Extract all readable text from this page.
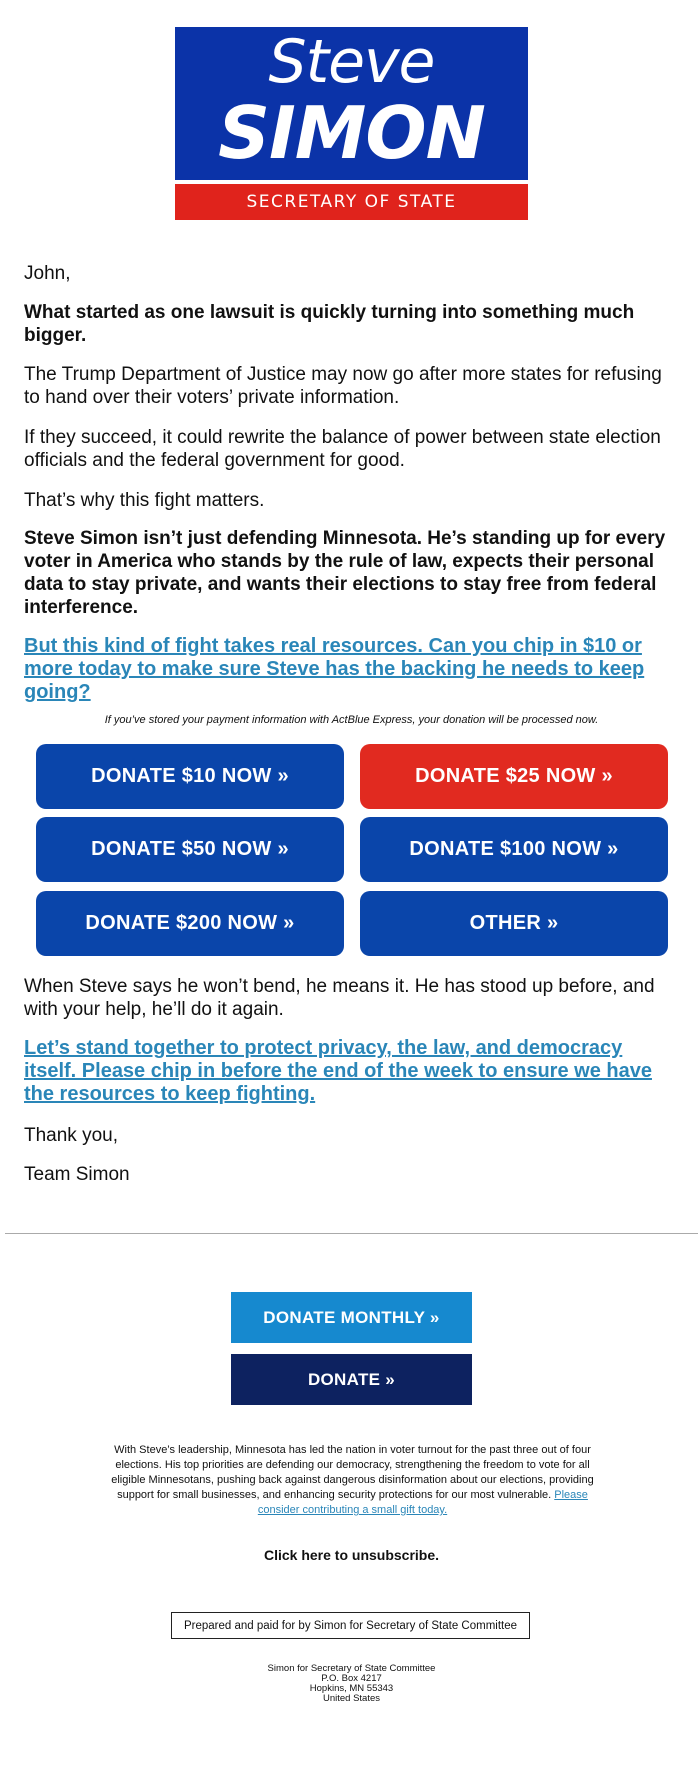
Steve
SIMON
SECRETARY OF STATE

John,

What started as one lawsuit is quickly turning into something much bigger.

The Trump Department of Justice may now go after more states for refusing to hand over their voters’ private information.

If they succeed, it could rewrite the balance of power between state election officials and the federal government for good.

That’s why this fight matters.

Steve Simon isn’t just defending Minnesota. He’s standing up for every voter in America who stands by the rule of law, expects their personal data to stay private, and wants their elections to stay free from federal interference.

But this kind of fight takes real resources. Can you chip in $10 or more today to make sure Steve has the backing he needs to keep going?

If you’ve stored your payment information with ActBlue Express, your donation will be processed now.

DONATE $10 NOW »	DONATE $25 NOW »
DONATE $50 NOW »	DONATE $100 NOW »
DONATE $200 NOW »	OTHER »

When Steve says he won’t bend, he means it. He has stood up before, and with your help, he’ll do it again.

Let’s stand together to protect privacy, the law, and democracy itself. Please chip in before the end of the week to ensure we have the resources to keep fighting.

Thank you,

Team Simon

DONATE MONTHLY »
DONATE »

With Steve’s leadership, Minnesota has led the nation in voter turnout for the past three out of four elections. His top priorities are defending our democracy, strengthening the freedom to vote for all eligible Minnesotans, pushing back against dangerous disinformation about our elections, providing support for small businesses, and enhancing security protections for our most vulnerable. Please consider contributing a small gift today.

Click here to unsubscribe.

Prepared and paid for by Simon for Secretary of State Committee

Simon for Secretary of State Committee
P.O. Box 4217
Hopkins, MN 55343
United States
